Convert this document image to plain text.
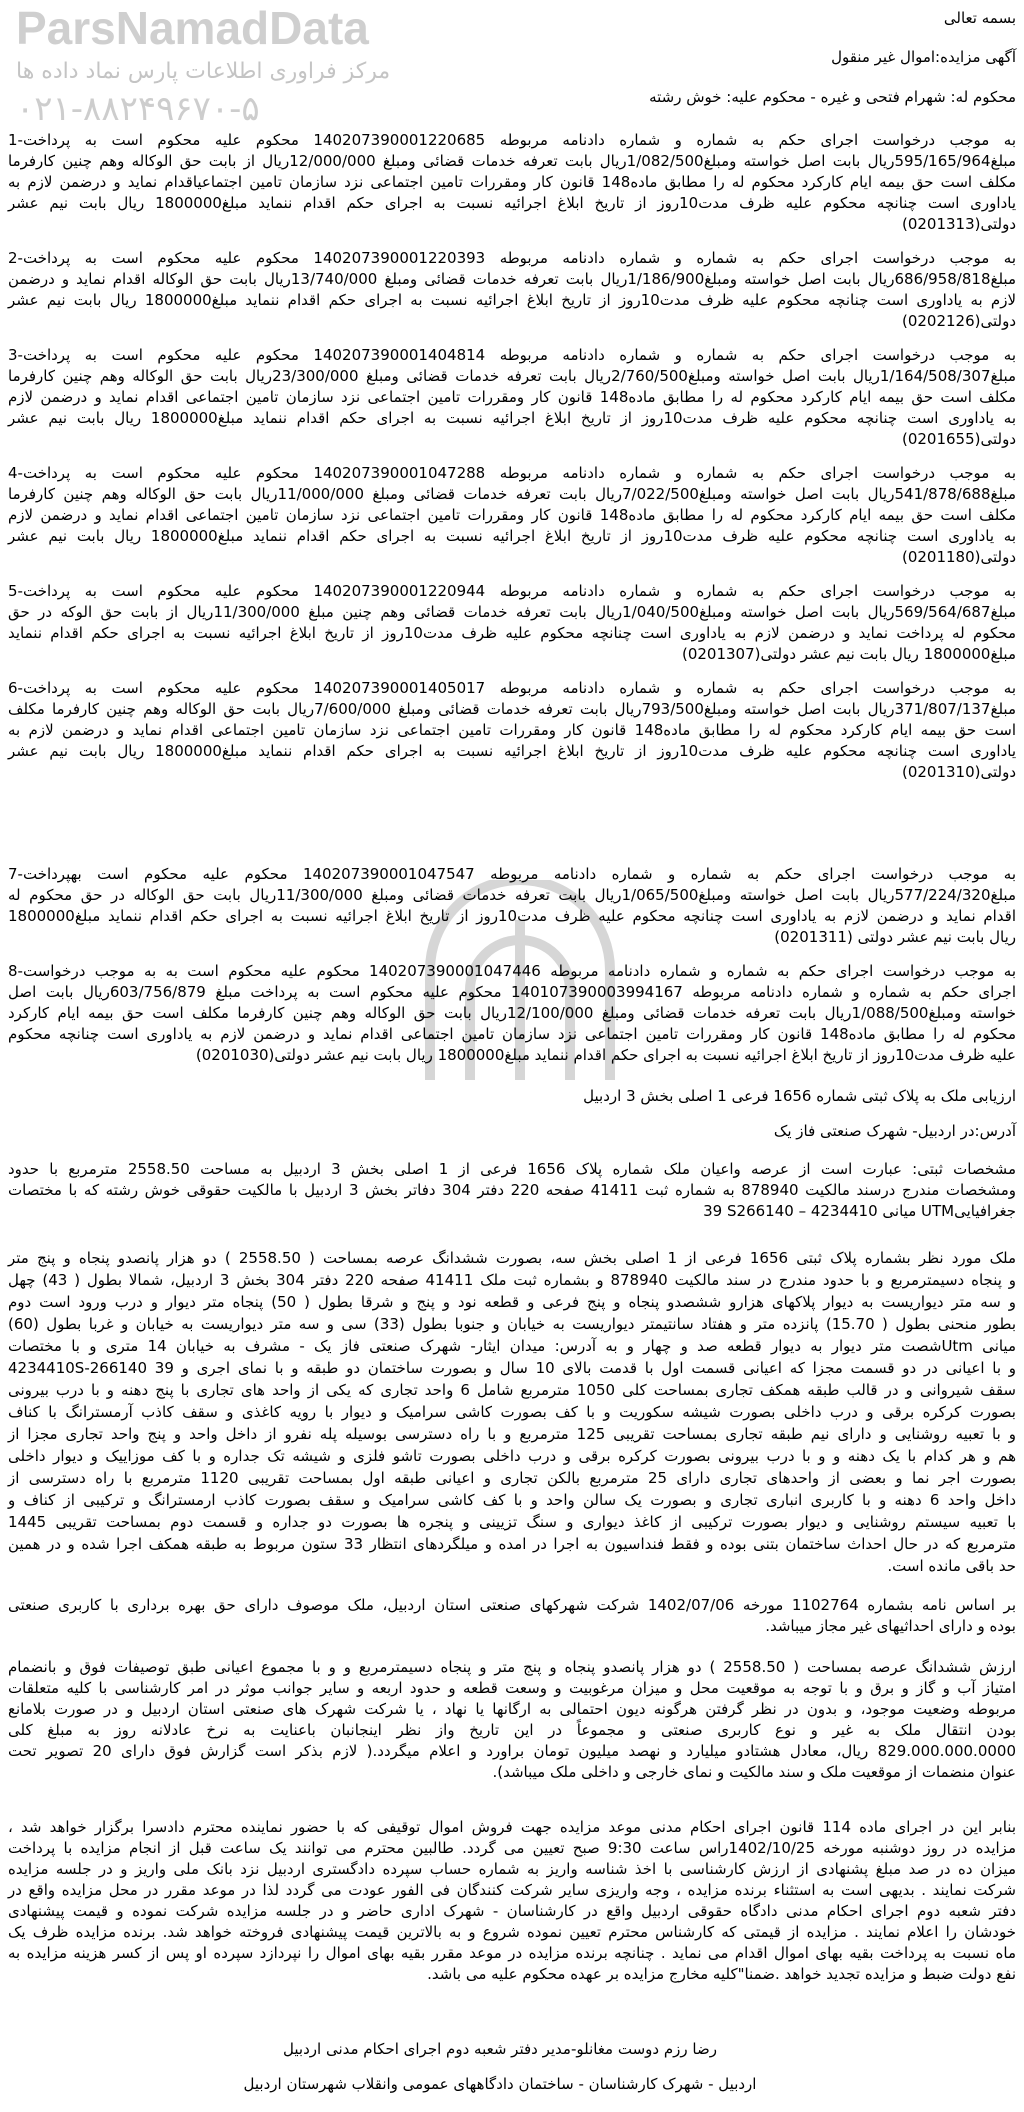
ParsNamadData
مرکز فراوری اطلاعات پارس نماد داده ها
۰۲۱-۸۸۲۴۹۶۷۰-۵
بسمه تعالی
آگهی مزایده:اموال غیر منقول
محکوم له: شهرام فتحی و غیره - محکوم علیه: خوش رشته
به موجب درخواست اجرای حکم به شماره و شماره دادنامه مربوطه 140207390001220685 محکوم علیه محکوم است به پرداخت-1
مبلغ595/165/964ریال بابت اصل خواسته ومبلغ1/082/500ریال بابت تعرفه خدمات قضائی ومبلغ 12/000/000ریال از بابت حق الوکاله وهم چنین کارفرما
مکلف است حق بیمه ایام کارکرد محکوم له را مطابق ماده148 قانون کار ومقررات تامین اجتماعی نزد سازمان تامین اجتماعیاقدام نماید و درضمن لازم به
یاداوری است چنانچه محکوم علیه ظرف مدت10روز از تاریخ ابلاغ اجرائیه نسبت به اجرای حکم اقدام ننماید مبلغ1800000 ریال بابت نیم عشر
دولتی(0201313)
به موجب درخواست اجرای حکم به شماره و شماره دادنامه مربوطه 140207390001220393 محکوم علیه محکوم است به پرداخت-2
مبلغ686/958/818ریال بابت اصل خواسته ومبلغ1/186/900ریال بابت تعرفه خدمات قضائی ومبلغ 13/740/000ریال بابت حق الوکاله اقدام نماید و درضمن
لازم به یاداوری است چنانچه محکوم علیه ظرف مدت10روز از تاریخ ابلاغ اجرائیه نسبت به اجرای حکم اقدام ننماید مبلغ1800000 ریال بابت نیم عشر
دولتی(0202126)
به موجب درخواست اجرای حکم به شماره و شماره دادنامه مربوطه 140207390001404814 محکوم علیه محکوم است به پرداخت-3
مبلغ1/164/508/307ریال بابت اصل خواسته ومبلغ2/760/500ریال بابت تعرفه خدمات قضائی ومبلغ 23/300/000ریال بابت حق الوکاله وهم چنین کارفرما
مکلف است حق بیمه ایام کارکرد محکوم له را مطابق ماده148 قانون کار ومقررات تامین اجتماعی نزد سازمان تامین اجتماعی اقدام نماید و درضمن لازم
به یاداوری است چنانچه محکوم علیه ظرف مدت10روز از تاریخ ابلاغ اجرائیه نسبت به اجرای حکم اقدام ننماید مبلغ1800000 ریال بابت نیم عشر
دولتی(0201655)
به موجب درخواست اجرای حکم به شماره و شماره دادنامه مربوطه 140207390001047288 محکوم علیه محکوم است به پرداخت-4
مبلغ541/878/688ریال بابت اصل خواسته ومبلغ7/022/500ریال بابت تعرفه خدمات قضائی ومبلغ 11/000/000ریال بابت حق الوکاله وهم چنین کارفرما
مکلف است حق بیمه ایام کارکرد محکوم له را مطابق ماده148 قانون کار ومقررات تامین اجتماعی نزد سازمان تامین اجتماعی اقدام نماید و درضمن لازم
به یاداوری است چنانچه محکوم علیه ظرف مدت10روز از تاریخ ابلاغ اجرائیه نسبت به اجرای حکم اقدام ننماید مبلغ1800000 ریال بابت نیم عشر
دولتی(0201180)
به موجب درخواست اجرای حکم به شماره و شماره دادنامه مربوطه 140207390001220944 محکوم علیه محکوم است به پرداخت-5
مبلغ569/564/687ریال بابت اصل خواسته ومبلغ1/040/500ریال بابت تعرفه خدمات قضائی وهم چنین مبلغ 11/300/000ریال از بابت حق الوکه در حق
محکوم له پرداخت نماید و درضمن لازم به یاداوری است چنانچه محکوم علیه ظرف مدت10روز از تاریخ ابلاغ اجرائیه نسبت به اجرای حکم اقدام ننماید
مبلغ1800000 ریال بابت نیم عشر دولتی(0201307)
به موجب درخواست اجرای حکم به شماره و شماره دادنامه مربوطه 140207390001405017 محکوم علیه محکوم است به پرداخت-6
مبلغ371/807/137ریال بابت اصل خواسته ومبلغ793/500ریال بابت تعرفه خدمات قضائی ومبلغ 7/600/000ریال بابت حق الوکاله وهم چنین کارفرما مکلف
است حق بیمه ایام کارکرد محکوم له را مطابق ماده148 قانون کار ومقررات تامین اجتماعی نزد سازمان تامین اجتماعی اقدام نماید و درضمن لازم به
یاداوری است چنانچه محکوم علیه ظرف مدت10روز از تاریخ ابلاغ اجرائیه نسبت به اجرای حکم اقدام ننماید مبلغ1800000 ریال بابت نیم عشر
دولتی(0201310)
به موجب درخواست اجرای حکم به شماره و شماره دادنامه مربوطه 140207390001047547 محکوم علیه محکوم است بهپرداخت-7
مبلغ577/224/320ریال بابت اصل خواسته ومبلغ1/065/500ریال بابت تعرفه خدمات قضائی ومبلغ 11/300/000ریال بابت حق الوکاله در حق محکوم له
اقدام نماید و درضمن لازم به یاداوری است چنانچه محکوم علیه ظرف مدت10روز از تاریخ ابلاغ اجرائیه نسبت به اجرای حکم اقدام ننماید مبلغ1800000
ریال بابت نیم عشر دولتی (0201311)
به موجب درخواست اجرای حکم به شماره و شماره دادنامه مربوطه 140207390001047446 محکوم علیه محکوم است به به موجب درخواست-8
اجرای حکم به شماره و شماره دادنامه مربوطه 140107390003994167 محکوم علیه محکوم است به پرداخت مبلغ 603/756/879ریال بابت اصل
خواسته ومبلغ1/088/500ریال بابت تعرفه خدمات قضائی ومبلغ 12/100/000ریال بابت حق الوکاله وهم چنین کارفرما مکلف است حق بیمه ایام کارکرد
محکوم له را مطابق ماده148 قانون کار ومقررات تامین اجتماعی نزد سازمان تامین اجتماعی اقدام نماید و درضمن لازم به یاداوری است چنانچه محکوم
علیه ظرف مدت10روز از تاریخ ابلاغ اجرائیه نسبت به اجرای حکم اقدام ننماید مبلغ1800000 ریال بابت نیم عشر دولتی(0201030)
ارزیابی ملک به پلاک ثبتی شماره 1656 فرعی 1 اصلی بخش 3 اردبیل
آدرس:در اردبیل- شهرک صنعتی فاز یک
مشخصات ثبتی: عبارت است از عرصه واعیان ملک شماره پلاک 1656 فرعی از 1 اصلی بخش 3 اردبیل به مساحت 2558.50 مترمربع با حدود
ومشخصات مندرج درسند مالکیت 878940 به شماره ثبت 41411 صفحه 220 دفتر 304 دفاتر بخش 3 اردبیل با مالکیت حقوقی خوش رشته که با مختصات
39 Sمیانی 4234410 – 266140 UTMجغرافیایی
ملک مورد نظر بشماره پلاک ثبتی 1656 فرعی از 1 اصلی بخش سه، بصورت ششدانگ عرصه بمساحت ( 2558.50 ) دو هزار پانصدو پنجاه و پنج متر
و پنجاه دسیمترمربع و با حدود مندرج در سند مالکیت 878940 و بشماره ثبت ملک 41411 صفحه 220 دفتر 304 بخش 3 اردبیل، شمالا بطول ( 43) چهل
و سه متر دیواریست به دیوار پلاکهای هزارو ششصدو پنجاه و پنج فرعی و قطعه نود و پنج و شرقا بطول ( 50) پنجاه متر دیوار و درب ورود است دوم
بطور منحنی بطول ( 15.70) پانزده متر و هفتاد سانتیمتر دیواریست به خیابان و جنوبا بطول (33) سی و سه متر دیواریست به خیابان و غربا بطول (60)
میانی Utmشصت متر دیوار به دیوار قطعه صد و چهار و به آدرس: میدان ایثار- شهرک صنعتی فاز یک - مشرف به خیابان 14 متری و با مختصات
و با اعیانی در دو قسمت مجزا که اعیانی قسمت اول با قدمت بالای 10 سال و بصورت ساختمان دو طبقه و با نمای اجری و 39 266140-4234410S
سقف شیروانی و در قالب طبقه همکف تجاری بمساحت کلی 1050 مترمربع شامل 6 واحد تجاری که یکی از واحد های تجاری با پنج دهنه و با درب بیرونی
بصورت کرکره برقی و درب داخلی بصورت شیشه سکوریت و با کف بصورت کاشی سرامیک و دیوار با رویه کاغذی و سقف کاذب آرمسترانگ با کناف
و با تعبیه روشنایی و دارای نیم طبقه تجاری بمساحت تقریبی 125 مترمربع و با راه دسترسی بوسیله پله نفرو از داخل واحد و پنج واحد تجاری مجزا از
هم و هر کدام با یک دهنه و و با درب بیرونی بصورت کرکره برقی و درب داخلی بصورت تاشو فلزی و شیشه تک جداره و با کف موزاییک و دیوار داخلی
بصورت اجر نما و بعضی از واحدهای تجاری دارای 25 مترمربع بالکن تجاری و اعیانی طبقه اول بمساحت تقریبی 1120 مترمربع با راه دسترسی از
داخل واحد 6 دهنه و با کاربری انباری تجاری و بصورت یک سالن واحد و با کف کاشی سرامیک و سقف بصورت کاذب ارمسترانگ و ترکیبی از کناف و
با تعبیه سیستم روشنایی و دیوار بصورت ترکیبی از کاغذ دیواری و سنگ تزیینی و پنجره ها بصورت دو جداره و قسمت دوم بمساحت تقریبی 1445
مترمربع که در حال احداث ساختمان بتنی بوده و فقط فنداسیون به اجرا در امده و میلگردهای انتظار 33 ستون مربوط به طبقه همکف اجرا شده و در همین
حد باقی مانده است.
بر اساس نامه بشماره 1102764 مورخه 1402/07/06 شرکت شهرکهای صنعتی استان اردبیل، ملک موصوف دارای حق بهره برداری با کاربری صنعتی
بوده و دارای احداثیهای غیر مجاز میباشد.
ارزش ششدانگ عرصه بمساحت ( 2558.50 ) دو هزار پانصدو پنجاه و پنج متر و پنجاه دسیمترمربع و و با مجموع اعیانی طبق توصیفات فوق و بانضمام
امتیاز آب و گاز و برق و با توجه به موقعیت محل و میزان مرغوبیت و وسعت قطعه و حدود اربعه و سایر جوانب موثر در امر کارشناسی با کلیه متعلقات
مربوطه وضعیت موجود، و بدون در نظر گرفتن هرگونه دیون احتمالی به ارگانها یا نهاد ، یا شرکت شهرک های صنعتی استان اردبیل و در صورت بلامانع
بودن انتقال ملک به غیر و نوع کاربری صنعتی و مجموعاً در این تاریخ واز نظر اینجانبان باعنایت به نرخ عادلانه روز به مبلغ کلی
829.000.000.0000 ریال، معادل هشتادو میلیارد و نهصد میلیون تومان براورد و اعلام میگردد.( لازم بذکر است گزارش فوق دارای 20 تصویر تحت
عنوان منضمات از موقعیت ملک و سند مالکیت و نمای خارجی و داخلی ملک میباشد).
بنابر این در اجرای ماده 114 قانون اجرای احکام مدنی موعد مزایده جهت فروش اموال توقیفی که با حضور نماینده محترم دادسرا برگزار خواهد شد ،
مزایده در روز دوشنبه مورخه 1402/10/25راس ساعت 9:30 صبح تعیین می گردد. طالبین محترم می توانند یک ساعت قبل از انجام مزایده با پرداخت
میزان ده در صد مبلغ پشنهادی از ارزش کارشناسی با اخذ شناسه واریز به شماره حساب سپرده دادگستری اردبیل نزد بانک ملی واریز و در جلسه مزایده
شرکت نمایند . بدیهی است به استثناء برنده مزایده ، وجه واریزی سایر شرکت کنندگان فی الفور عودت می گردد لذا در موعد مقرر در محل مزایده واقع در
دفتر شعبه دوم اجرای احکام مدنی دادگاه حقوقی اردبیل واقع در کارشناسان - شهرک اداری حاضر و در جلسه مزایده شرکت نموده و قیمت پیشنهادی
خودشان را اعلام نمایند . مزایده از قیمتی که کارشناس محترم تعیین نموده شروع و به بالاترین قیمت پیشنهادی فروخته خواهد شد. برنده مزایده ظرف یک
ماه نسبت به پرداخت بقیه بهای اموال اقدام می نماید . چنانچه برنده مزایده در موعد مقرر بقیه بهای اموال را نپردازد سپرده او پس از کسر هزینه مزایده به
نفع دولت ضبط و مزایده تجدید خواهد .ضمنا"کلیه مخارج مزایده بر عهده محکوم علیه می باشد.
رضا رزم دوست مغانلو-مدیر دفتر شعبه دوم اجرای احکام مدنی اردبیل
اردبیل - شهرک کارشناسان - ساختمان دادگاههای عمومی وانقلاب شهرستان اردبیل
